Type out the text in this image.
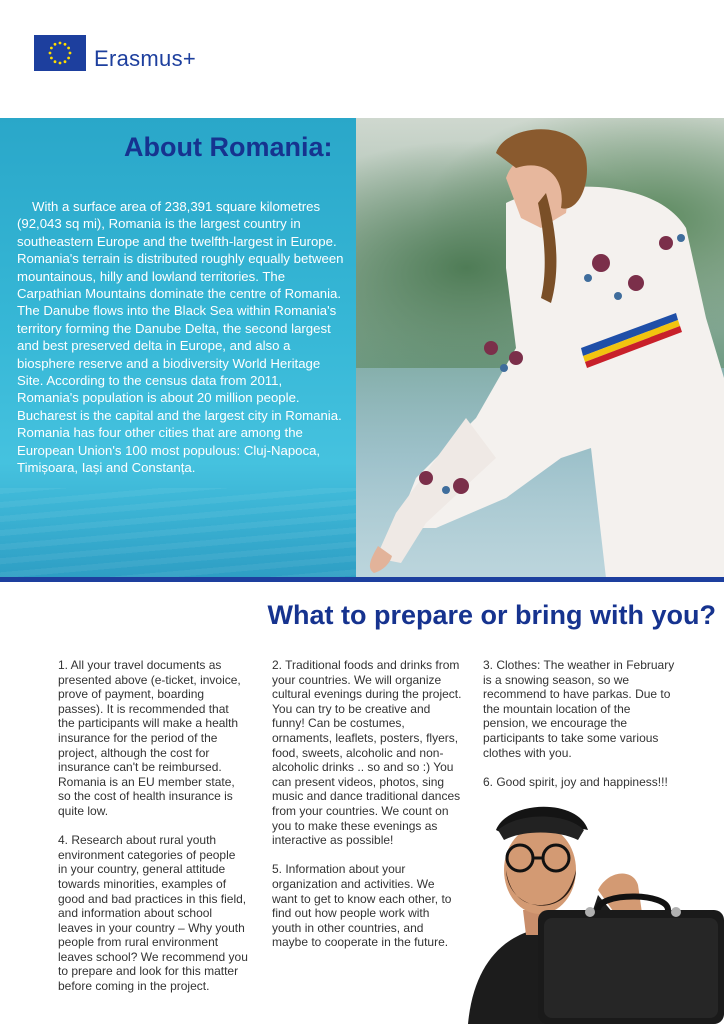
Erasmus+
About Romania:

With a surface area of 238,391 square kilometres (92,043 sq mi), Romania is the largest country in southeastern Europe and the twelfth-largest in Europe. Romania's terrain is distributed roughly equally between mountainous, hilly and lowland territories. The Carpathian Mountains dominate the centre of Romania. The Danube flows into the Black Sea within Romania's territory forming the Danube Delta, the second largest and best preserved delta in Europe, and also a biosphere reserve and a biodiversity World Heritage Site. According to the census data from 2011, Romania's population is about 20 million people. Bucharest is the capital and the largest city in Romania. Romania has four other cities that are among the European Union's 100 most populous: Cluj-Napoca, Timișoara, Iași and Constanța.

What to prepare or bring with you?

1. All your travel documents as presented above (e-ticket, invoice, prove of payment, boarding passes). It is recommended that the participants will make a health insurance for the period of the project, although the cost for insurance can't be reimbursed. Romania is an EU member state, so the cost of health insurance is quite low.

4. Research about rural youth environment categories of people in your country, general attitude towards minorities, examples of good and bad practices in this field, and information about school leaves in your country – Why youth people from rural environment leaves school? We recommend you to prepare and look for this matter before coming in the project.

2. Traditional foods and drinks from your countries. We will organize cultural evenings during the project. You can try to be creative and funny! Can be costumes, ornaments, leaflets, posters, flyers, food, sweets, alcoholic and non-alcoholic drinks .. so and so :) You can present videos, photos, sing music and dance traditional dances from your countries. We count on you to make these evenings as interactive as possible!

5. Information about your organization and activities. We want to get to know each other, to find out how people work with youth in other countries, and maybe to cooperate in the future.

3. Clothes: The weather in February is a snowing season, so we recommend to have parkas. Due to the mountain location of the pension, we encourage the participants to take some various clothes with you.

6. Good spirit, joy and happiness!!!
